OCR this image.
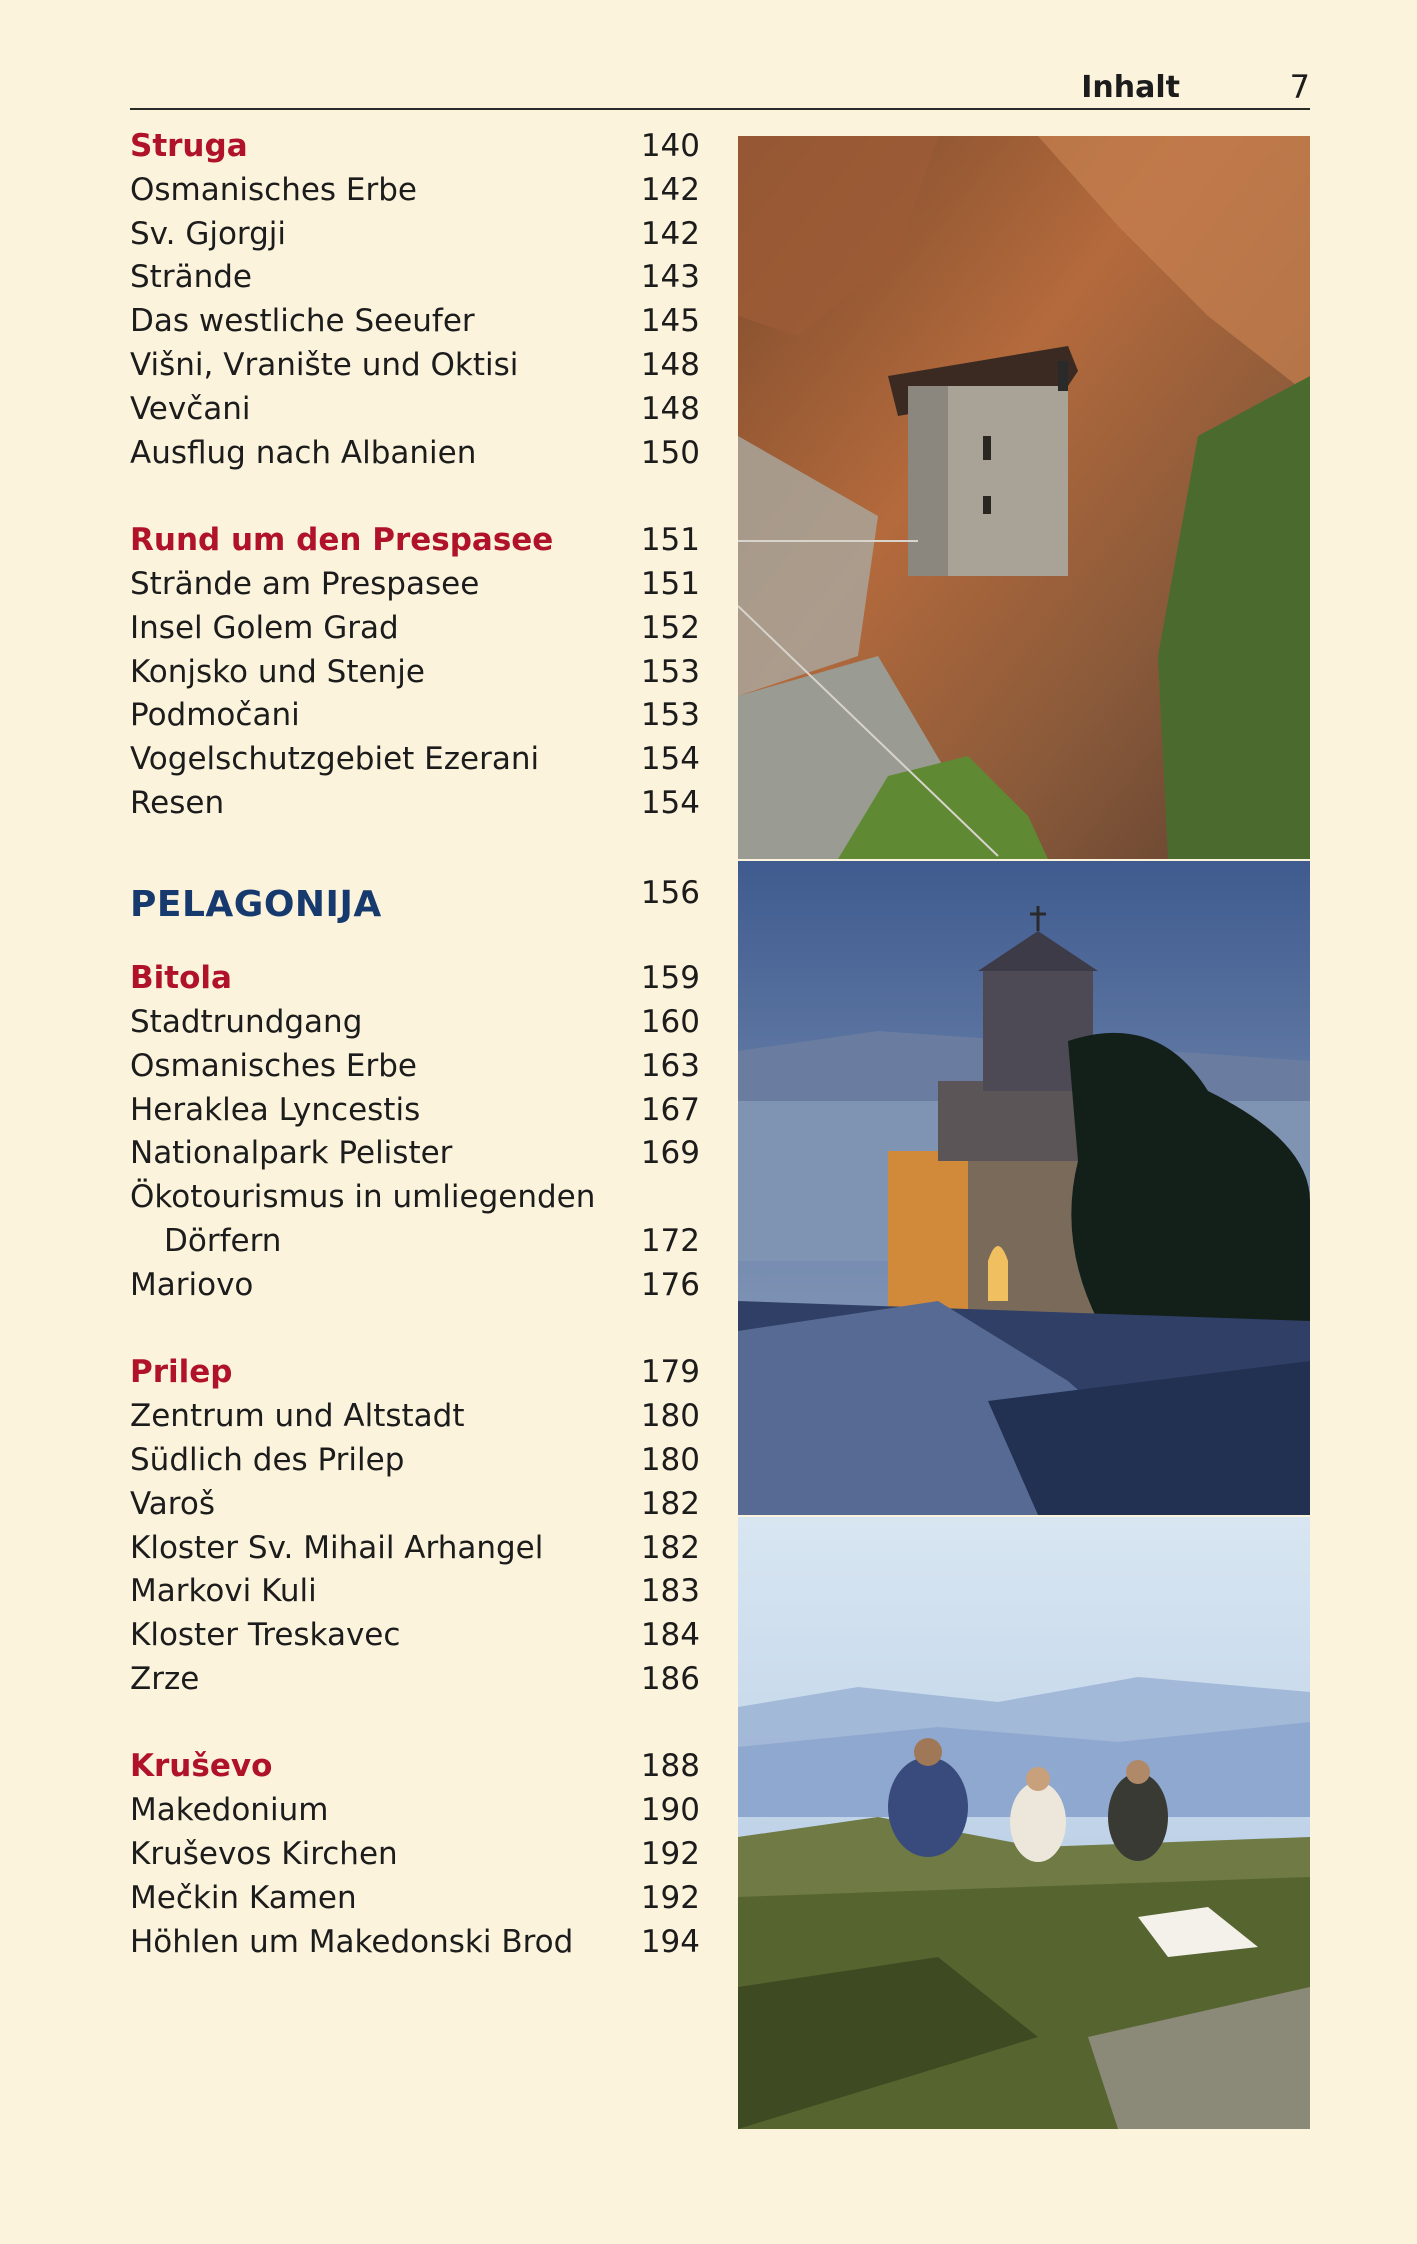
Inhalt	7
Struga	140
Osmanisches Erbe	142
Sv. Gjorgji	142
Strände	143
Das westliche Seeufer	145
Višni, Vranište und Oktisi	148
Vevčani	148
Ausflug nach Albanien	150
Rund um den Prespasee	151
Strände am Prespasee	151
Insel Golem Grad	152
Konjsko und Stenje	153
Podmočani	153
Vogelschutzgebiet Ezerani	154
Resen	154
PELAGONIJA	156
Bitola	159
Stadtrundgang	160
Osmanisches Erbe	163
Heraklea Lyncestis	167
Nationalpark Pelister	169
Ökotourismus in umliegenden
Dörfern	172
Mariovo	176
Prilep	179
Zentrum und Altstadt	180
Südlich des Prilep	180
Varoš	182
Kloster Sv. Mihail Arhangel	182
Markovi Kuli	183
Kloster Treskavec	184
Zrze	186
Kruševo	188
Makedonium	190
Kruševos Kirchen	192
Mečkin Kamen	192
Höhlen um Makedonski Brod 194
